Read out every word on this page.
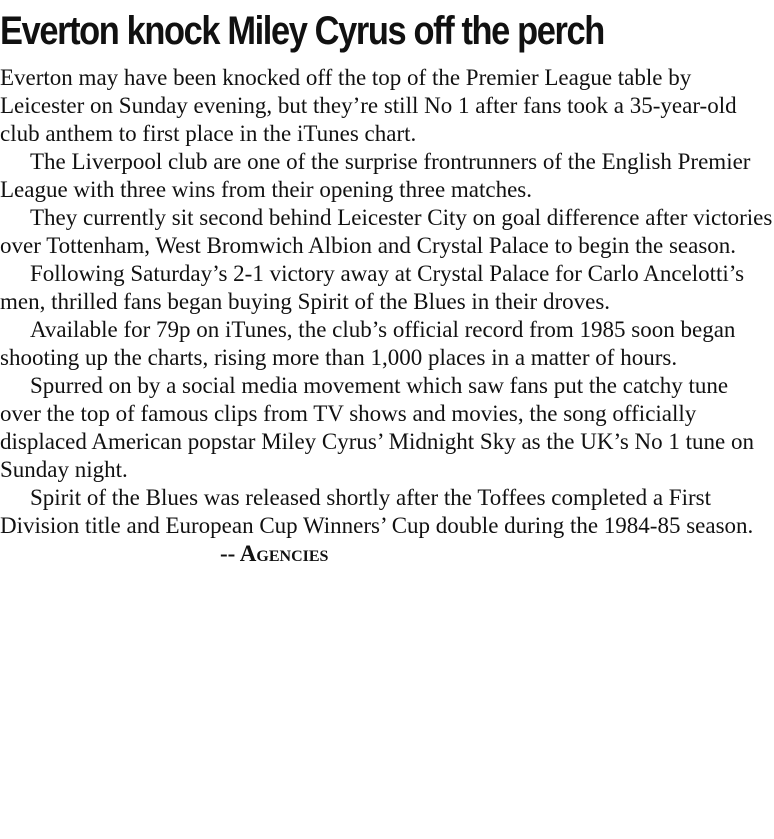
Everton knock Miley Cyrus off the perch

Everton may have been knocked off the top of the Premier League table by Leicester on Sunday evening, but they’re still No 1 after fans took a 35-year-old club anthem to first place in the iTunes chart.

The Liverpool club are one of the surprise frontrunners of the English Premier League with three wins from their opening three matches.

They currently sit second behind Leicester City on goal difference after victories over Tottenham, West Bromwich Albion and Crystal Palace to begin the season.

Following Saturday’s 2-1 victory away at Crystal Palace for Carlo Ancelotti’s men, thrilled fans began buying Spirit of the Blues in their droves.

Available for 79p on iTunes, the club’s official record from 1985 soon began shooting up the charts, rising more than 1,000 places in a matter of hours.

Spurred on by a social media movement which saw fans put the catchy tune over the top of famous clips from TV shows and movies, the song officially displaced American popstar Miley Cyrus’ Midnight Sky as the UK’s No 1 tune on Sunday night.

Spirit of the Blues was released shortly after the Toffees completed a First Division title and European Cup Winners’ Cup double during the 1984-85 season.-- Agencies
